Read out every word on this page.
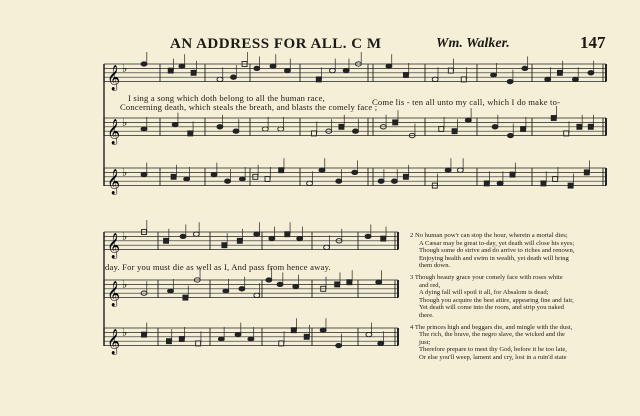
AN ADDRESS FOR ALL. C M	Wm. Walker.	147
𝄞 ♭
𝄞 ♭
𝄞 ♭
𝄞 ♭
𝄞 ♭
𝄞 ♭
I sing a song which doth belong to all the human race,
Concerning death, which steals the breath, and blasts the comely face ;
Come lis - ten all unto my call, which I do make to-
day. For you must die as well as I, And pass from hence away.
2 No human pow'r can stop the hour, wherein a mortal dies;
A Cæsar may be great to-day, yet death will close his eyes;
Though some do strive and do arrive to riches and renown,
Enjoying health and swim in wealth, yet death will bring
them down.
3 Though beauty grace your comely face with roses white
and red,
A dying fall will spoil it all, for Absalom is dead;
Though you acquire the best attire, appearing fine and fair,
Yet death will come into the room, and strip you naked
there.
4 The princes high and beggars die, and mingle with the dust,
The rich, the brave, the negro slave, the wicked and the
just;
Therefore prepare to meet thy God, before it be too late,
Or else you'll weep, lament and cry, lost in a ruin'd state
